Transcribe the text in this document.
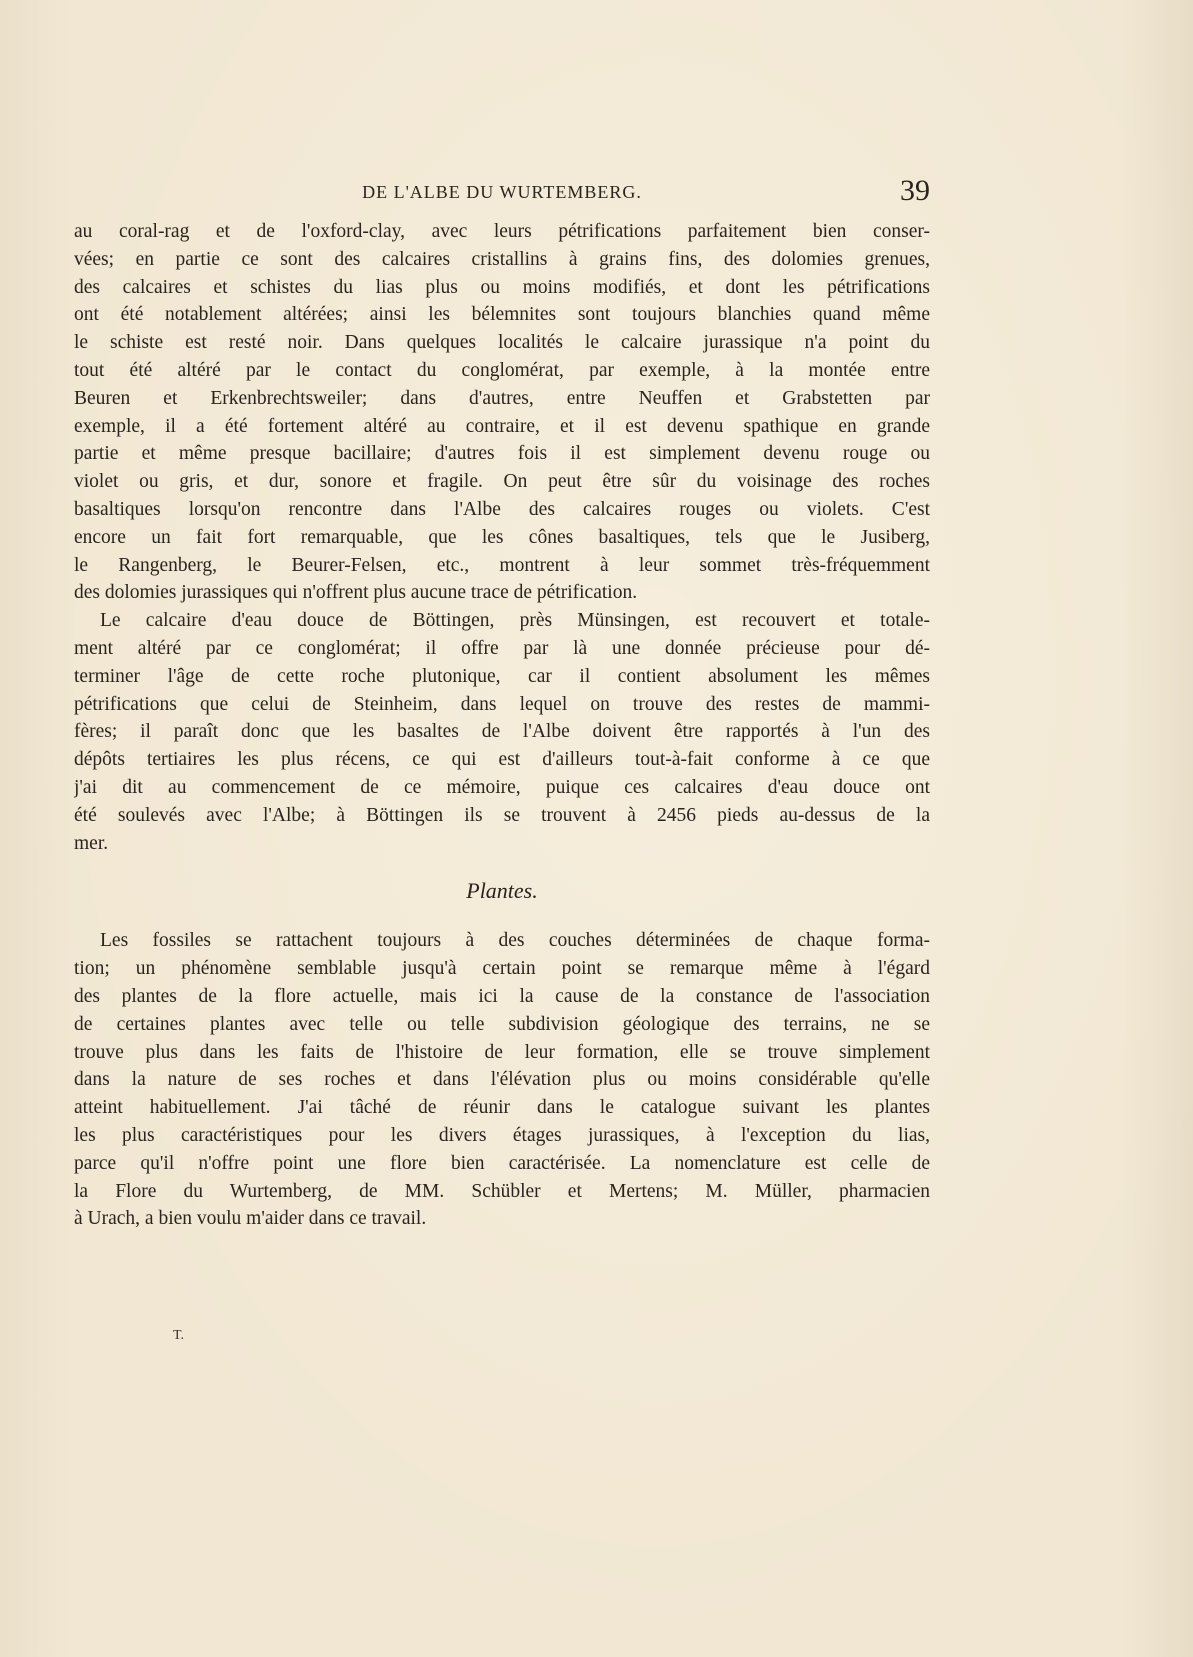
DE L'ALBE DU WURTEMBERG.	39
au coral-rag et de l'oxford-clay, avec leurs pétrifications parfaitement bien conser-
vées; en partie ce sont des calcaires cristallins à grains fins, des dolomies grenues,
des calcaires et schistes du lias plus ou moins modifiés, et dont les pétrifications
ont été notablement altérées; ainsi les bélemnites sont toujours blanchies quand même
le schiste est resté noir. Dans quelques localités le calcaire jurassique n'a point du
tout été altéré par le contact du conglomérat, par exemple, à la montée entre
Beuren et Erkenbrechtsweiler; dans d'autres, entre Neuffen et Grabstetten par
exemple, il a été fortement altéré au contraire, et il est devenu spathique en grande
partie et même presque bacillaire; d'autres fois il est simplement devenu rouge ou
violet ou gris, et dur, sonore et fragile. On peut être sûr du voisinage des roches
basaltiques lorsqu'on rencontre dans l'Albe des calcaires rouges ou violets. C'est
encore un fait fort remarquable, que les cônes basaltiques, tels que le Jusiberg,
le Rangenberg, le Beurer-Felsen, etc., montrent à leur sommet très-fréquemment
des dolomies jurassiques qui n'offrent plus aucune trace de pétrification.
Le calcaire d'eau douce de Böttingen, près Münsingen, est recouvert et totale-
ment altéré par ce conglomérat; il offre par là une donnée précieuse pour dé-
terminer l'âge de cette roche plutonique, car il contient absolument les mêmes
pétrifications que celui de Steinheim, dans lequel on trouve des restes de mammi-
fères; il paraît donc que les basaltes de l'Albe doivent être rapportés à l'un des
dépôts tertiaires les plus récens, ce qui est d'ailleurs tout-à-fait conforme à ce que
j'ai dit au commencement de ce mémoire, puique ces calcaires d'eau douce ont
été soulevés avec l'Albe; à Böttingen ils se trouvent à 2456 pieds au-dessus de la
mer.
Plantes.
Les fossiles se rattachent toujours à des couches déterminées de chaque forma-
tion; un phénomène semblable jusqu'à certain point se remarque même à l'égard
des plantes de la flore actuelle, mais ici la cause de la constance de l'association
de certaines plantes avec telle ou telle subdivision géologique des terrains, ne se
trouve plus dans les faits de l'histoire de leur formation, elle se trouve simplement
dans la nature de ses roches et dans l'élévation plus ou moins considérable qu'elle
atteint habituellement. J'ai tâché de réunir dans le catalogue suivant les plantes
les plus caractéristiques pour les divers étages jurassiques, à l'exception du lias,
parce qu'il n'offre point une flore bien caractérisée. La nomenclature est celle de
la Flore du Wurtemberg, de MM. Schübler et Mertens; M. Müller, pharmacien
à Urach, a bien voulu m'aider dans ce travail.
T.
